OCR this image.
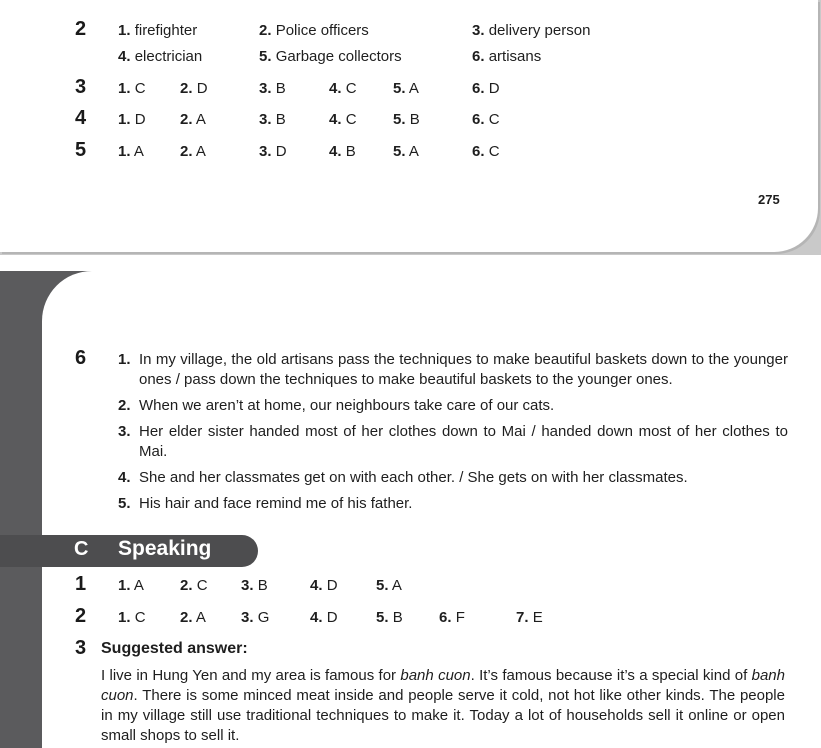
2 1. firefighter	2. Police officers	3. delivery person
4. electrician	5. Garbage collectors	6. artisans
3 1. C 2. D	3. B	4. C 5. A	6. D
4 1. D 2. A	3. B	4. C 5. B	6. C
5 1. A 2. A	3. D	4. B 5. A	6. C
275
6 1. In my village, the old artisans pass the techniques to make beautiful baskets down to the younger ones / pass down the techniques to make beautiful baskets to the younger ones.
2. When we aren’t at home, our neighbours take care of our cats.
3. Her elder sister handed most of her clothes down to Mai / handed down most of her clothes to Mai.
4. She and her classmates get on with each other. / She gets on with her classmates.
5. His hair and face remind me of his father.
C Speaking
1 1. A 2. C 3. B	4. D	5. A
2 1. C 2. A 3. G	4. D	5. B 6. F	7. E
3 Suggested answer:
I live in Hung Yen and my area is famous for banh cuon. It’s famous because it’s a special kind of banh cuon. There is some minced meat inside and people serve it cold, not hot like other kinds. The people in my village still use traditional techniques to make it. Today a lot of households sell it online or open small shops to sell it.
